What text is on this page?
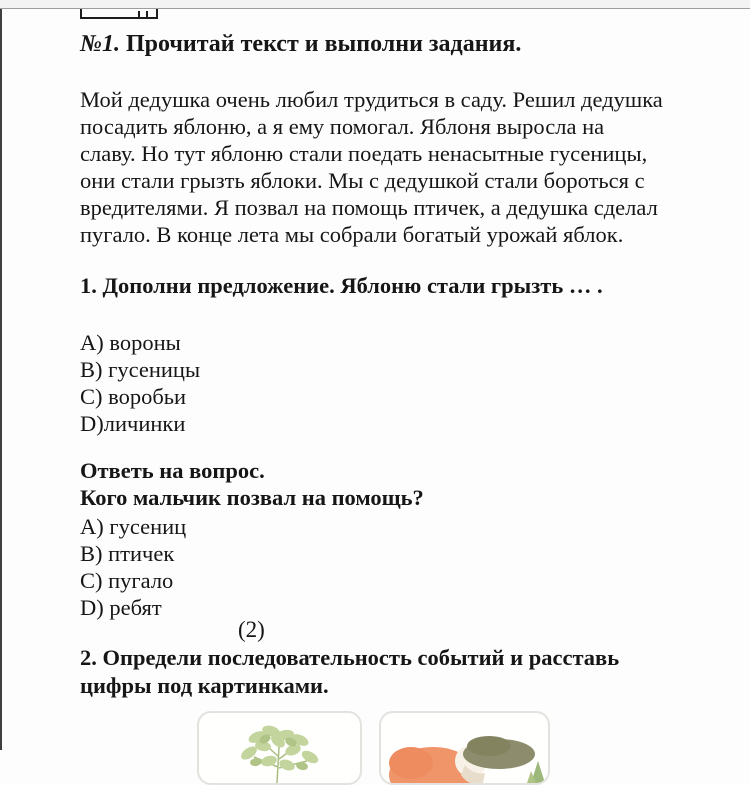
№1. Прочитай текст и выполни задания.
Мой дедушка очень любил трудиться в саду. Решил дедушка
посадить яблоню, а я ему помогал. Яблоня выросла на
славу. Но тут яблоню стали поедать ненасытные гусеницы,
они стали грызть яблоки. Мы с дедушкой стали бороться с
вредителями. Я позвал на помощь птичек, а дедушка сделал
пугало. В конце лета мы собрали богатый урожай яблок.
1. Дополни предложение. Яблоню стали грызть … .
А) вороны
В) гусеницы
С) воробьи
D)личинки
Ответь на вопрос.
Кого мальчик позвал на помощь?
А) гусениц
В) птичек
С) пугало
D) ребят
(2)
2. Определи последовательность событий и расставь
цифры под картинками.
